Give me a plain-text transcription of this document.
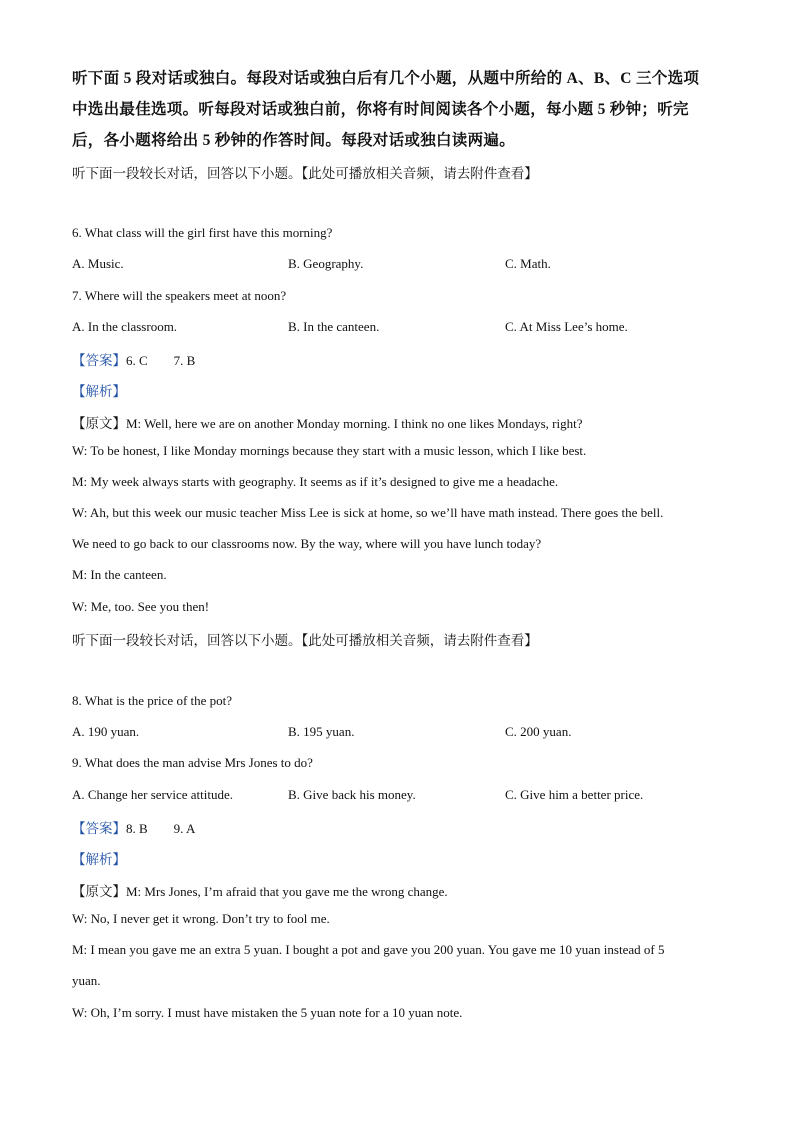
听下面 5 段对话或独白。每段对话或独白后有几个小题，从题中所给的 A、B、C 三个选项
中选出最佳选项。听每段对话或独白前，你将有时间阅读各个小题，每小题 5 秒钟；听完
后，各小题将给出 5 秒钟的作答时间。每段对话或独白读两遍。
听下面一段较长对话，回答以下小题。【此处可播放相关音频，请去附件查看】
6. What class will the girl first have this morning?
A. Music.	B. Geography.	C. Math.
7. Where will the speakers meet at noon?
A. In the classroom.	B. In the canteen.	C. At Miss Lee’s home.
【答案】6. C 7. B
【解析】
【原文】M: Well, here we are on another Monday morning. I think no one likes Mondays, right?
W: To be honest, I like Monday mornings because they start with a music lesson, which I like best.
M: My week always starts with geography. It seems as if it’s designed to give me a headache.
W: Ah, but this week our music teacher Miss Lee is sick at home, so we’ll have math instead. There goes the bell.
We need to go back to our classrooms now. By the way, where will you have lunch today?
M: In the canteen.
W: Me, too. See you then!
听下面一段较长对话，回答以下小题。【此处可播放相关音频，请去附件查看】
8. What is the price of the pot?
A. 190 yuan.	B. 195 yuan.	C. 200 yuan.
9. What does the man advise Mrs Jones to do?
A. Change her service attitude.	B. Give back his money.	C. Give him a better price.
【答案】8. B 9. A
【解析】
【原文】M: Mrs Jones, I’m afraid that you gave me the wrong change.
W: No, I never get it wrong. Don’t try to fool me.
M: I mean you gave me an extra 5 yuan. I bought a pot and gave you 200 yuan. You gave me 10 yuan instead of 5
yuan.
W: Oh, I’m sorry. I must have mistaken the 5 yuan note for a 10 yuan note.
